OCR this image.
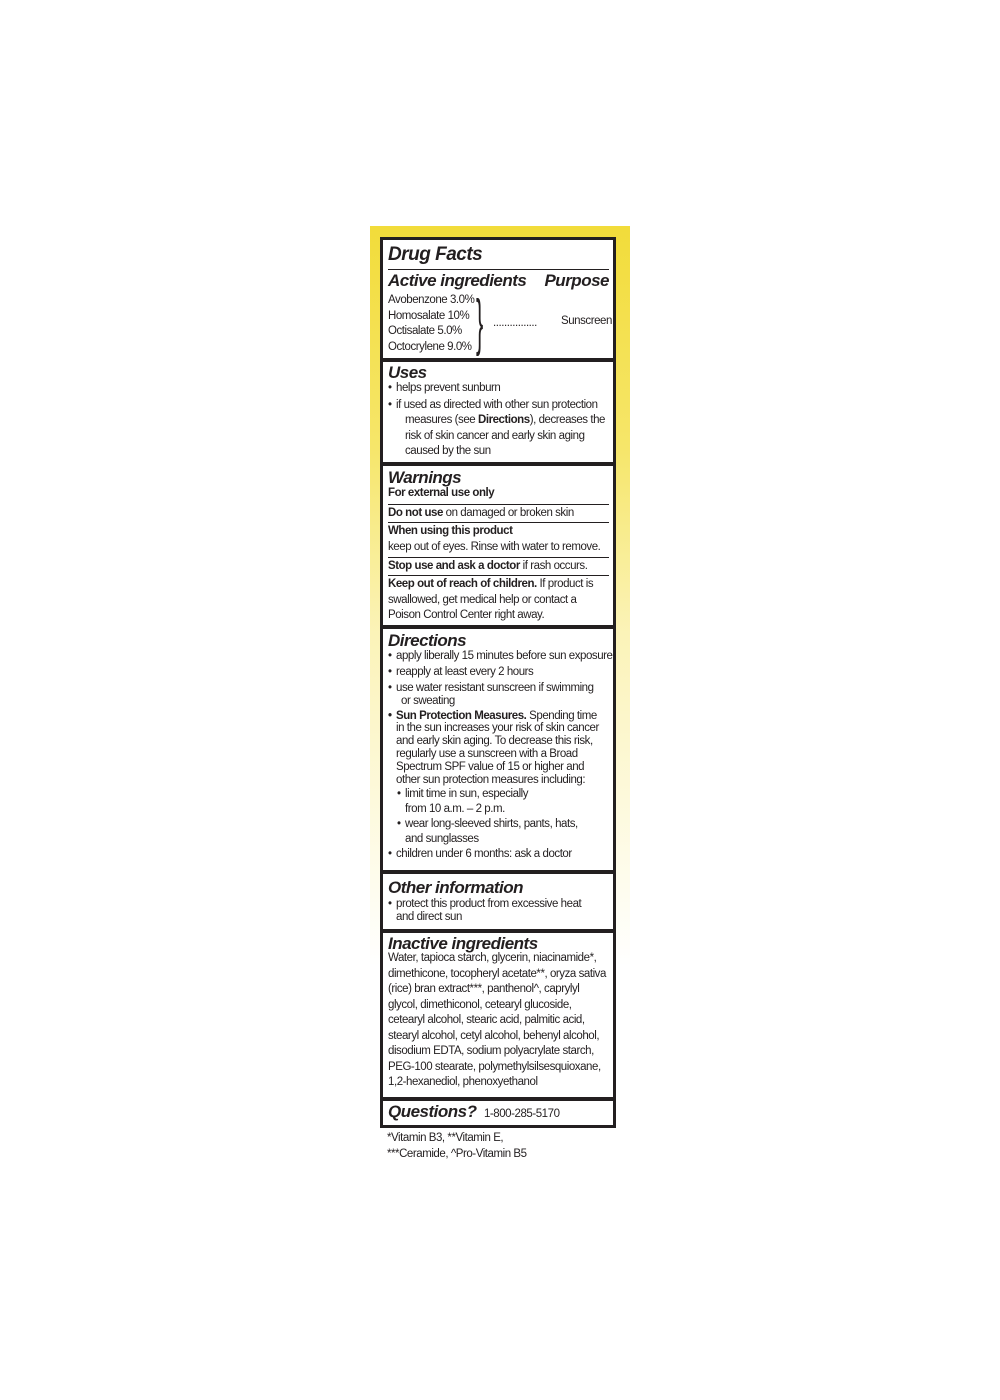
Drug Facts
Active ingredients Purpose
Avobenzone 3.0%
Homosalate 10%
Octisalate 5.0%
Octocrylene 9.0% } ................ Sunscreen
Uses
• helps prevent sunburn
• if used as directed with other sun protection
measures (see Directions), decreases the
risk of skin cancer and early skin aging
caused by the sun
Warnings
For external use only
Do not use on damaged or broken skin
When using this product
keep out of eyes. Rinse with water to remove.
Stop use and ask a doctor if rash occurs.
Keep out of reach of children. If product is
swallowed, get medical help or contact a
Poison Control Center right away.
Directions
• apply liberally 15 minutes before sun exposure
• reapply at least every 2 hours
• use water resistant sunscreen if swimming
or sweating
• Sun Protection Measures. Spending time
in the sun increases your risk of skin cancer
and early skin aging. To decrease this risk,
regularly use a sunscreen with a Broad
Spectrum SPF value of 15 or higher and
other sun protection measures including:
• limit time in sun, especially
from 10 a.m. – 2 p.m.
• wear long-sleeved shirts, pants, hats,
and sunglasses
• children under 6 months: ask a doctor
Other information
• protect this product from excessive heat
and direct sun
Inactive ingredients
Water, tapioca starch, glycerin, niacinamide*,
dimethicone, tocopheryl acetate**, oryza sativa
(rice) bran extract***, panthenol^, caprylyl
glycol, dimethiconol, cetearyl glucoside,
cetearyl alcohol, stearic acid, palmitic acid,
stearyl alcohol, cetyl alcohol, behenyl alcohol,
disodium EDTA, sodium polyacrylate starch,
PEG-100 stearate, polymethylsilsesquioxane,
1,2-hexanediol, phenoxyethanol
Questions? 1-800-285-5170
*Vitamin B3, **Vitamin E,
***Ceramide, ^Pro-Vitamin B5
